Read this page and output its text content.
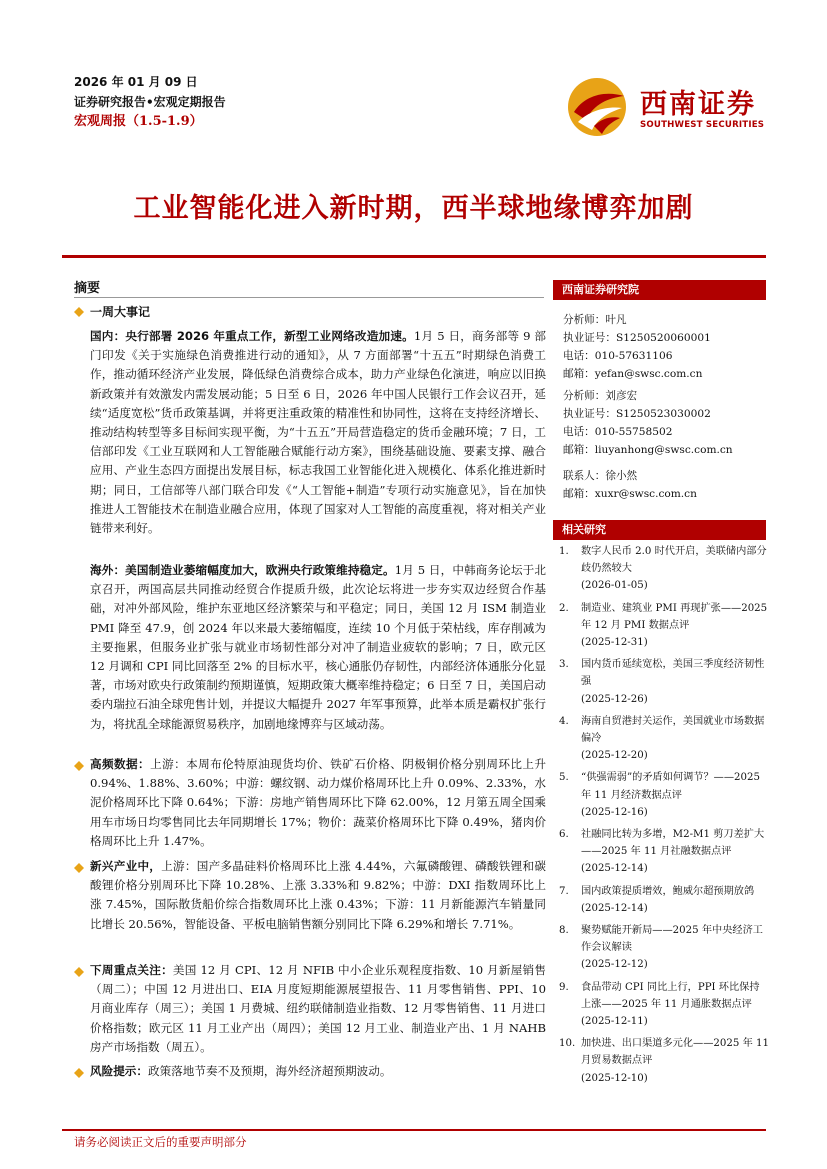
2026 年 01 月 09 日
证券研究报告•宏观定期报告
宏观周报（1.5-1.9）
西南证券
SOUTHWEST SECURITIES
工业智能化进入新时期，西半球地缘博弈加剧
摘要
一周大事记
国内：央行部署 2026 年重点工作，新型工业网络改造加速。1月 5 日，商务部等 9 部门印发《关于实施绿色消费推进行动的通知》，从 7 方面部署“十五五”时期绿色消费工作，推动循环经济产业发展，降低绿色消费综合成本，助力产业绿色化演进，响应以旧换新政策并有效激发内需发展动能；5 日至 6 日，2026 年中国人民银行工作会议召开，延续“适度宽松”货币政策基调，并将更注重政策的精准性和协同性，这将在支持经济增长、推动结构转型等多目标间实现平衡，为“十五五”开局营造稳定的货币金融环境；7 日，工信部印发《工业互联网和人工智能融合赋能行动方案》，围绕基础设施、要素支撑、融合应用、产业生态四方面提出发展目标，标志我国工业智能化进入规模化、体系化推进新时期；同日，工信部等八部门联合印发《“人工智能+制造”专项行动实施意见》，旨在加快推进人工智能技术在制造业融合应用，体现了国家对人工智能的高度重视，将对相关产业链带来利好。
海外：美国制造业萎缩幅度加大，欧洲央行政策维持稳定。1月 5 日，中韩商务论坛于北京召开，两国高层共同推动经贸合作提质升级，此次论坛将进一步夯实双边经贸合作基础，对冲外部风险，维护东亚地区经济繁荣与和平稳定；同日，美国 12 月 ISM 制造业 PMI 降至 47.9，创 2024 年以来最大萎缩幅度，连续 10 个月低于荣枯线，库存削减为主要拖累，但服务业扩张与就业市场韧性部分对冲了制造业疲软的影响；7 日，欧元区 12 月调和 CPI 同比回落至 2% 的目标水平，核心通胀仍存韧性，内部经济体通胀分化显著，市场对欧央行政策制约预期谨慎，短期政策大概率维持稳定；6 日至 7 日，美国启动委内瑞拉石油全球兜售计划，并提议大幅提升 2027 年军事预算，此举本质是霸权扩张行为，将扰乱全球能源贸易秩序，加剧地缘博弈与区域动荡。
高频数据：上游：本周布伦特原油现货均价、铁矿石价格、阴极铜价格分别周环比上升 0.94%、1.88%、3.60%；中游：螺纹钢、动力煤价格周环比上升 0.09%、2.33%，水泥价格周环比下降 0.64%；下游：房地产销售周环比下降 62.00%，12 月第五周全国乘用车市场日均零售同比去年同期增长 17%；物价：蔬菜价格周环比下降 0.49%，猪肉价格周环比上升 1.47%。
新兴产业中，上游：国产多晶硅料价格周环比上涨 4.44%，六氟磷酸锂、磷酸铁锂和碳酸锂价格分别周环比下降 10.28%、上涨 3.33%和 9.82%；中游：DXI 指数周环比上涨 7.45%，国际散货船价综合指数周环比上涨 0.43%；下游：11 月新能源汽车销量同比增长 20.56%，智能设备、平板电脑销售额分别同比下降 6.29%和增长 7.71%。
下周重点关注：美国 12 月 CPI、12 月 NFIB 中小企业乐观程度指数、10 月新屋销售（周二）；中国 12 月进出口、EIA 月度短期能源展望报告、11 月零售销售、PPI、10 月商业库存（周三）；美国 1 月费城、纽约联储制造业指数、12 月零售销售、11 月进口价格指数；欧元区 11 月工业产出（周四）；美国 12 月工业、制造业产出、1 月 NAHB 房产市场指数（周五）。
风险提示：政策落地节奏不及预期，海外经济超预期波动。
西南证券研究院
分析师：叶凡
执业证号：S1250520060001
电话：010-57631106
邮箱：yefan@swsc.com.cn
分析师：刘彦宏
执业证号：S1250523030002
电话：010-55758502
邮箱：liuyanhong@swsc.com.cn
联系人：徐小然
邮箱：xuxr@swsc.com.cn
相关研究
1.	数字人民币 2.0 时代开启，美联储内部分歧仍然较大
(2026-01-05)
2.	制造业、建筑业 PMI 再现扩张——2025 年 12 月 PMI 数据点评
(2025-12-31)
3.	国内货币延续宽松，美国三季度经济韧性强
(2025-12-26)
4.	海南自贸港封关运作，美国就业市场数据偏冷
(2025-12-20)
5.	“供强需弱”的矛盾如何调节？——2025 年 11 月经济数据点评
(2025-12-16)
6.	社融同比转为多增，M2-M1 剪刀差扩大——2025 年 11 月社融数据点评
(2025-12-14)
7.	国内政策提质增效，鲍威尔超预期放鸽
(2025-12-14)
8.	聚势赋能开新局——2025 年中央经济工作会议解读
(2025-12-12)
9.	食品带动 CPI 同比上行，PPI 环比保持上涨——2025 年 11 月通胀数据点评
(2025-12-11)
10. 加快进、出口渠道多元化——2025 年 11 月贸易数据点评
(2025-12-10)
请务必阅读正文后的重要声明部分
